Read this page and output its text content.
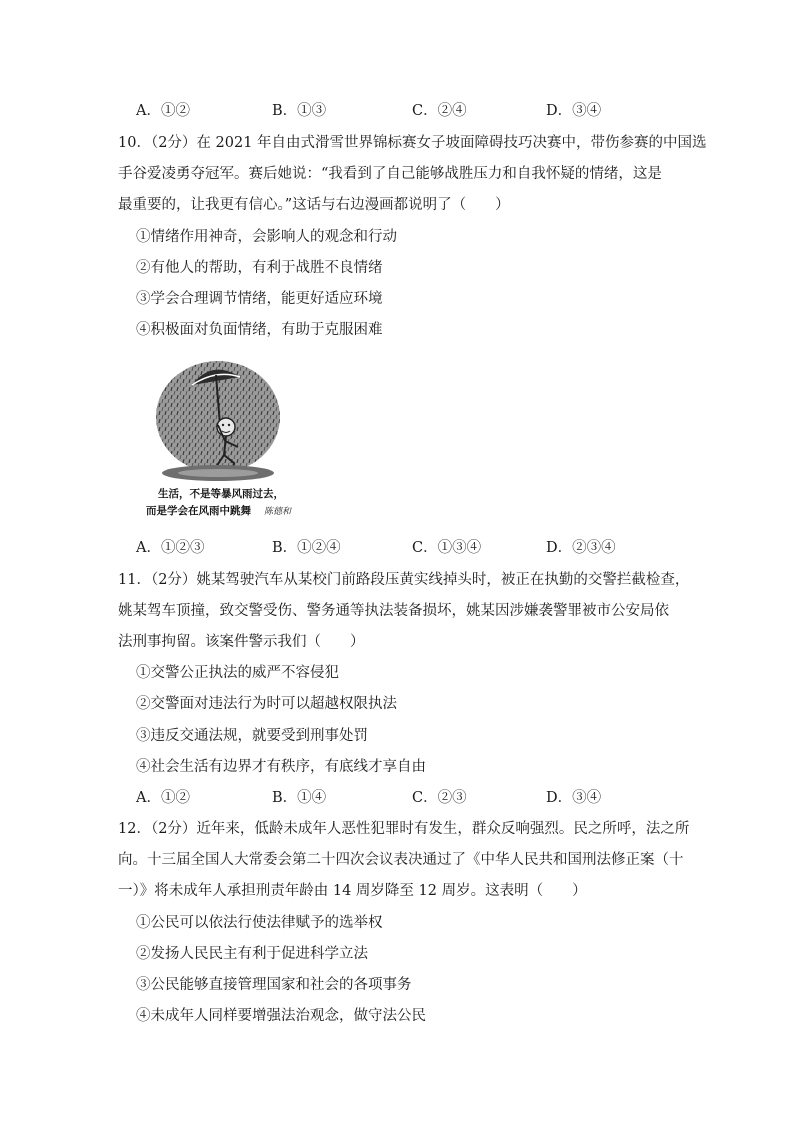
A．①②	B．①③	C．②④	D．③④
10．（2分）在 2021 年自由式滑雪世界锦标赛女子坡面障碍技巧决赛中，带伤参赛的中国选
手谷爱凌勇夺冠军。赛后她说：“我看到了自己能够战胜压力和自我怀疑的情绪，这是
最重要的，让我更有信心。”这话与右边漫画都说明了（　　）
①情绪作用神奇，会影响人的观念和行动
②有他人的帮助，有利于战胜不良情绪
③学会合理调节情绪，能更好适应环境
④积极面对负面情绪，有助于克服困难
生活，不是等暴风雨过去，
而是学会在风雨中跳舞 陈德和
A．①②③	B．①②④	C．①③④	D．②③④
11．（2分）姚某驾驶汽车从某校门前路段压黄实线掉头时，被正在执勤的交警拦截检查，
姚某驾车顶撞，致交警受伤、警务通等执法装备损坏，姚某因涉嫌袭警罪被市公安局依
法刑事拘留。该案件警示我们（　　）
①交警公正执法的威严不容侵犯
②交警面对违法行为时可以超越权限执法
③违反交通法规，就要受到刑事处罚
④社会生活有边界才有秩序，有底线才享自由
A．①②	B．①④	C．②③	D．③④
12．（2分）近年来，低龄未成年人恶性犯罪时有发生，群众反响强烈。民之所呼，法之所
向。十三届全国人大常委会第二十四次会议表决通过了《中华人民共和国刑法修正案（十
一）》将未成年人承担刑责年龄由 14 周岁降至 12 周岁。这表明（　　）
①公民可以依法行使法律赋予的选举权
②发扬人民民主有利于促进科学立法
③公民能够直接管理国家和社会的各项事务
④未成年人同样要增强法治观念，做守法公民
